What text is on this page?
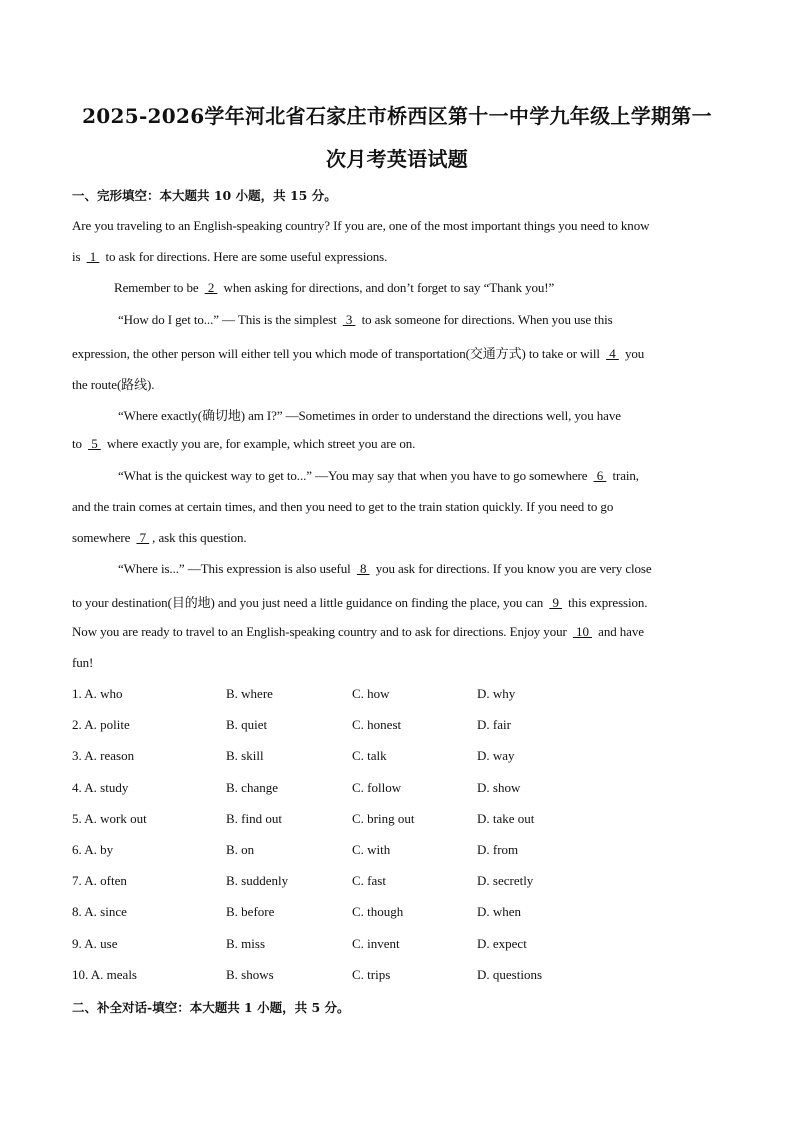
2025-2026学年河北省石家庄市桥西区第十一中学九年级上学期第一
次月考英语试题
一、完形填空：本大题共 10 小题，共 15 分。
Are you traveling to an English-speaking country? If you are, one of the most important things you need to know
is  1  to ask for directions. Here are some useful expressions.
Remember to be  2  when asking for directions, and don’t forget to say “Thank you!”
“How do I get to...” — This is the simplest  3  to ask someone for directions. When you use this
expression, the other person will either tell you which mode of transportation(交通方式) to take or will  4  you
the route(路线).
“Where exactly(确切地) am I?” —Sometimes in order to understand the directions well, you have
to  5  where exactly you are, for example, which street you are on.
“What is the quickest way to get to...” —You may say that when you have to go somewhere  6  train,
and the train comes at certain times, and then you need to get to the train station quickly. If you need to go
somewhere  7 , ask this question.
“Where is...” —This expression is also useful  8  you ask for directions. If you know you are very close
to your destination(目的地) and you just need a little guidance on finding the place, you can  9  this expression.
Now you are ready to travel to an English-speaking country and to ask for directions. Enjoy your  10  and have
fun!
1. A. who	B. where	C. how	D. why
2. A. polite	B. quiet	C. honest	D. fair
3. A. reason	B. skill	C. talk	D. way
4. A. study	B. change	C. follow	D. show
5. A. work out	B. find out	C. bring out	D. take out
6. A. by	B. on	C. with	D. from
7. A. often	B. suddenly	C. fast	D. secretly
8. A. since	B. before	C. though	D. when
9. A. use	B. miss	C. invent	D. expect
10. A. meals	B. shows	C. trips	D. questions
二、补全对话-填空：本大题共 1 小题，共 5 分。
